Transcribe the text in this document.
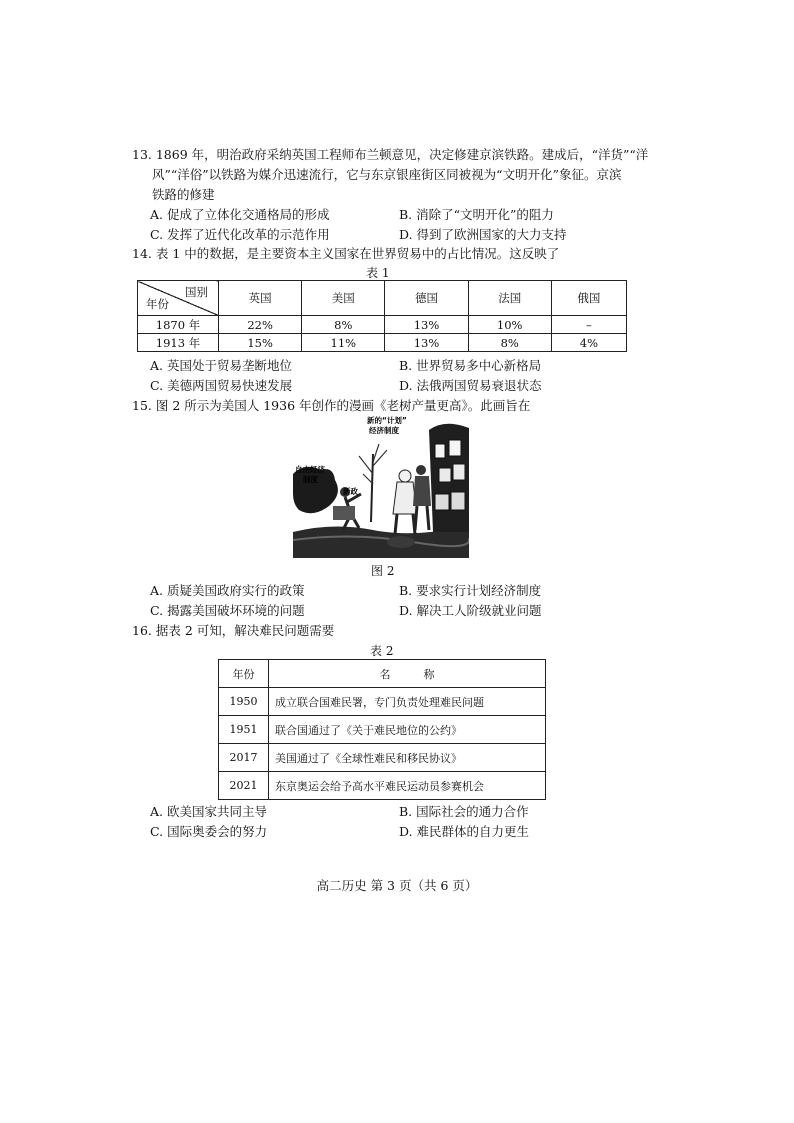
13. 1869 年，明治政府采纳英国工程师布兰顿意见，决定修建京滨铁路。建成后，“洋货”“洋
风”“洋俗”以铁路为媒介迅速流行，它与东京银座街区同被视为“文明开化”象征。京滨
铁路的修建
A. 促成了立体化交通格局的形成	B. 消除了“文明开化”的阻力
C. 发挥了近代化改革的示范作用	D. 得到了欧洲国家的大力支持
14. 表 1 中的数据，是主要资本主义国家在世界贸易中的占比情况。这反映了
表 1
国别
年份	英国	美国	德国	法国	俄国
1870 年	22%	8%	13%	10%	–
1913 年	15%	11%	13%	8%	4%
A. 英国处于贸易垄断地位	B. 世界贸易多中心新格局
C. 美德两国贸易快速发展	D. 法俄两国贸易衰退状态
15. 图 2 所示为美国人 1936 年创作的漫画《老树产量更高》。此画旨在
新的“计划”
经济制度
自由经济
制度
新政
图 2
A. 质疑美国政府实行的政策	B. 要求实行计划经济制度
C. 揭露美国破坏环境的问题	D. 解决工人阶级就业问题
16. 据表 2 可知，解决难民问题需要
表 2
年份	名　　　称
1950	成立联合国难民署，专门负责处理难民问题
1951	联合国通过了《关于难民地位的公约》
2017	美国通过了《全球性难民和移民协议》
2021	东京奥运会给予高水平难民运动员参赛机会
A. 欧美国家共同主导	B. 国际社会的通力合作
C. 国际奥委会的努力	D. 难民群体的自力更生
高二历史 第 3 页（共 6 页）
